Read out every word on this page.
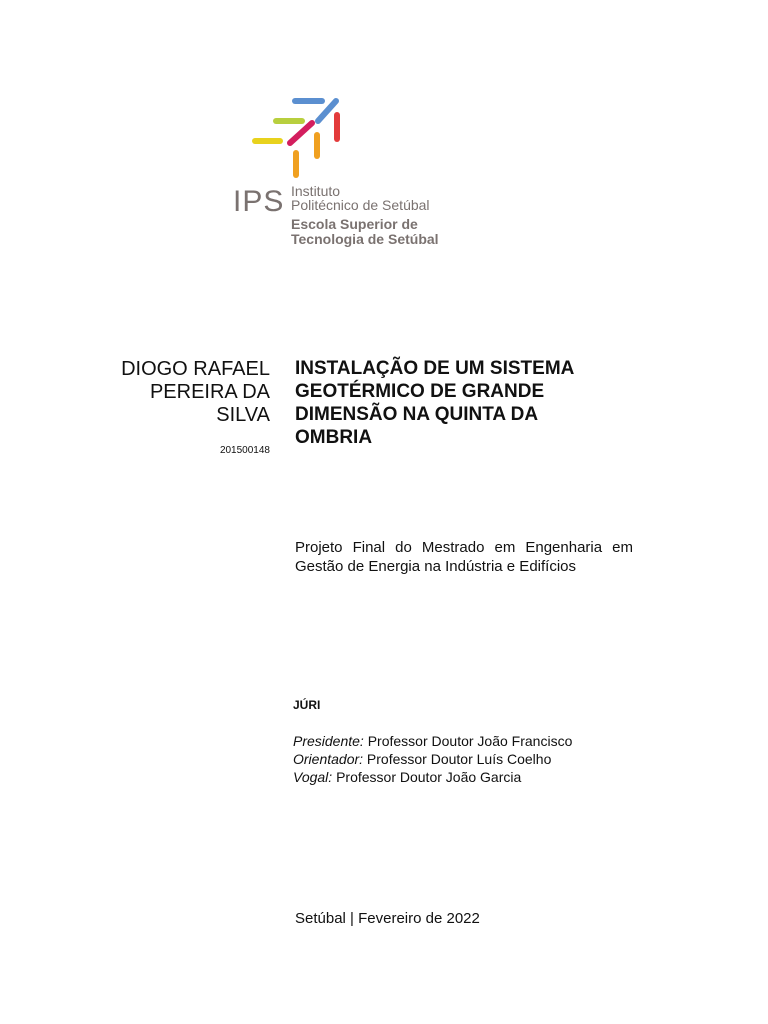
IPS Instituto
Politécnico de Setúbal
Escola Superior de
Tecnologia de Setúbal
DIOGO RAFAEL
PEREIRA DA
SILVA
201500148
INSTALAÇÃO DE UM SISTEMA
GEOTÉRMICO DE GRANDE
DIMENSÃO NA QUINTA DA
OMBRIA
Projeto Final do Mestrado em Engenharia em Gestão de Energia na Indústria e Edifícios
JÚRI
Presidente: Professor Doutor João Francisco
Orientador: Professor Doutor Luís Coelho
Vogal: Professor Doutor João Garcia
Setúbal | Fevereiro de 2022
